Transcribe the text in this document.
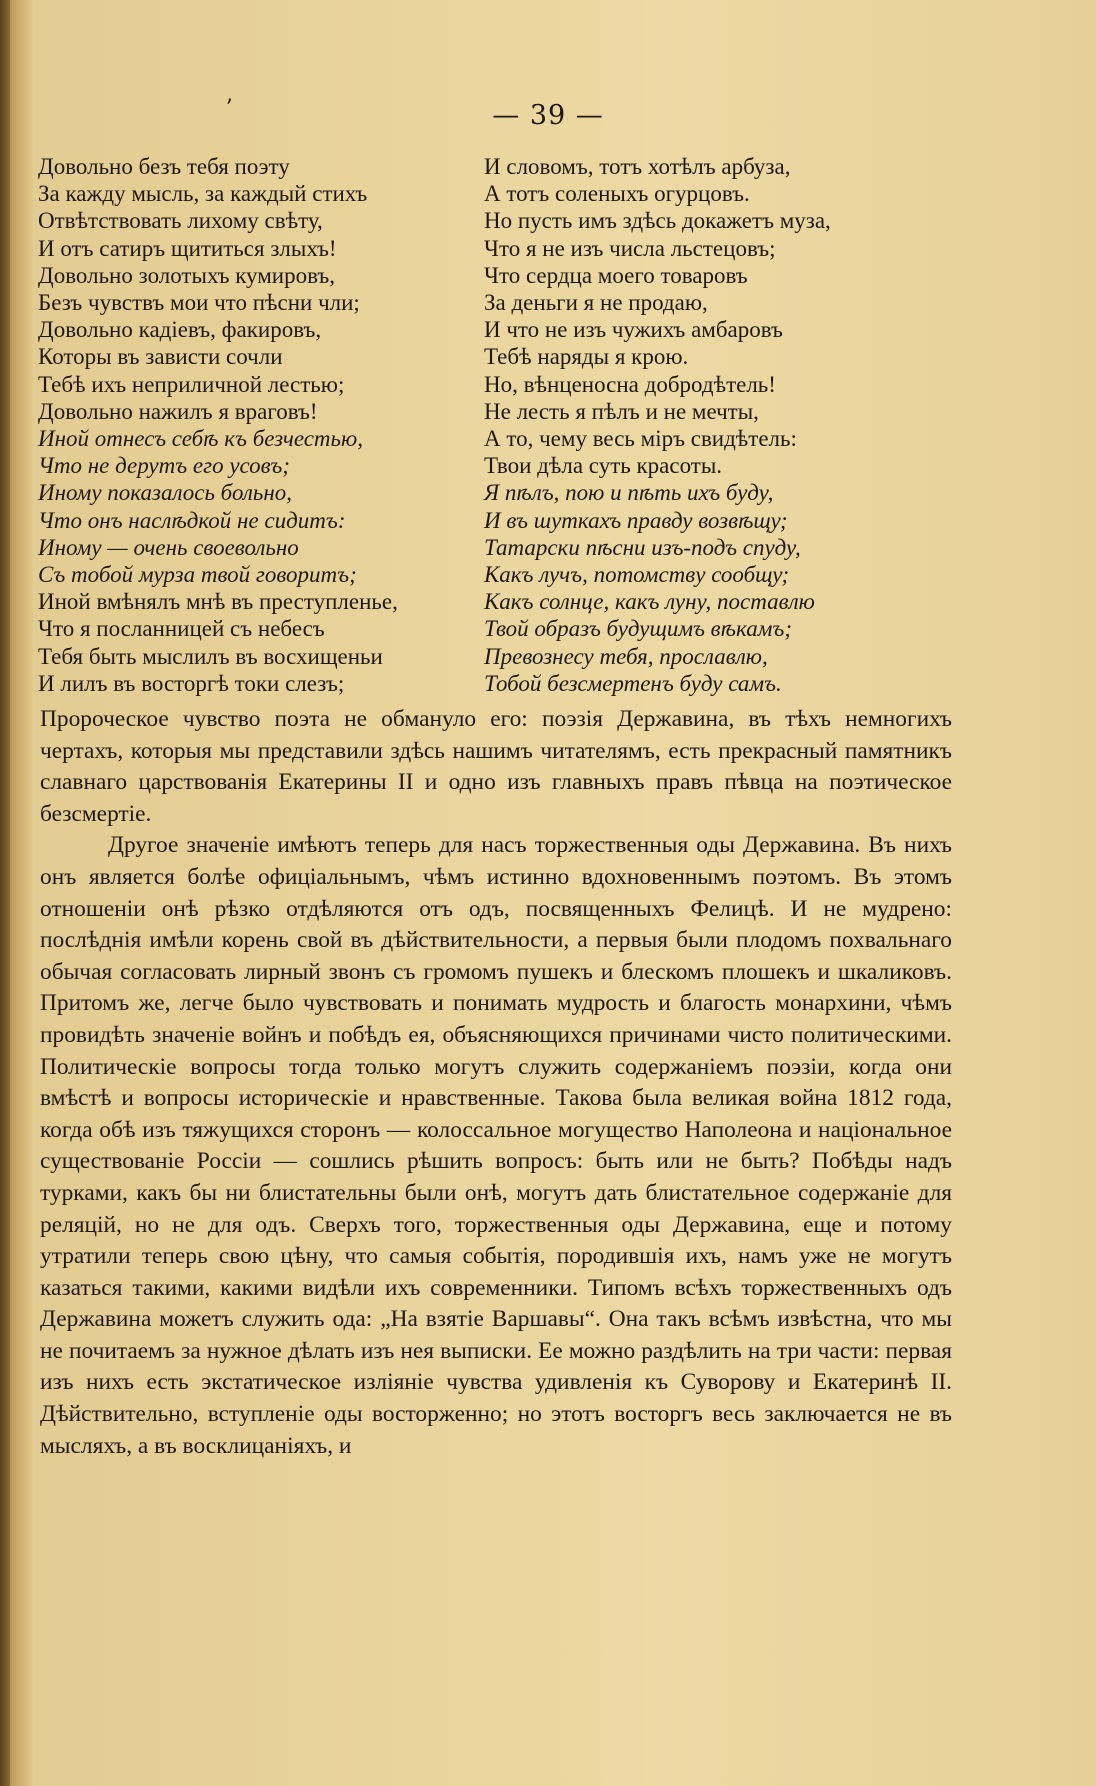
ʼ	— 39 —
Довольно безъ тебя поэту
За кажду мысль, за каждый стихъ
Отвѣтствовать лихому свѣту,
И отъ сатиръ щититься злыхъ!
Довольно золотыхъ кумировъ,
Безъ чувствъ мои что пѣсни чли;
Довольно кадіевъ, факировъ,
Которы въ зависти сочли
Тебѣ ихъ неприличной лестью;
Довольно нажилъ я враговъ!
Иной отнесъ себѣ къ безчестью,
Что не дерутъ его усовъ;
Иному показалось больно,
Что онъ наслѣдкой не сидитъ:
Иному — очень своевольно
Съ тобой мурза твой говоритъ;
Иной вмѣнялъ мнѣ въ преступленье,
Что я посланницей съ небесъ
Тебя быть мыслилъ въ восхищеньи
И лилъ въ восторгѣ токи слезъ;
И словомъ, тотъ хотѣлъ арбуза,
А тотъ соленыхъ огурцовъ.
Но пусть имъ здѣсь докажетъ муза,
Что я не изъ числа льстецовъ;
Что сердца моего товаровъ
За деньги я не продаю,
И что не изъ чужихъ амбаровъ
Тебѣ наряды я крою.
Но, вѣнценосна добродѣтель!
Не лесть я пѣлъ и не мечты,
А то, чему весь міръ свидѣтель:
Твои дѣла суть красоты.
Я пѣлъ, пою и пѣть ихъ буду,
И въ шуткахъ правду возвѣщу;
Татарски пѣсни изъ-подъ спуду,
Какъ лучъ, потомству сообщу;
Какъ солнце, какъ луну, поставлю
Твой образъ будущимъ вѣкамъ;
Превознесу тебя, прославлю,
Тобой безсмертенъ буду самъ.

Пророческое чувство поэта не обмануло его: поэзія Державина, въ тѣхъ немногихъ чертахъ, которыя мы представили здѣсь нашимъ читателямъ, есть прекрасный памятникъ славнаго царствованія Екатерины II и одно изъ главныхъ правъ пѣвца на поэтическое безсмертіе.

Другое значеніе имѣютъ теперь для насъ торжественныя оды Державина. Въ нихъ онъ является болѣе офиціальнымъ, чѣмъ истинно вдохновеннымъ поэтомъ. Въ этомъ отношеніи онѣ рѣзко отдѣляются отъ одъ, посвященныхъ Фелицѣ. И не мудрено: послѣднія имѣли корень свой въ дѣйствительности, а первыя были плодомъ похвальнаго обычая согласовать лирный звонъ съ громомъ пушекъ и блескомъ плошекъ и шкаликовъ. Притомъ же, легче было чувствовать и понимать мудрость и благость монархини, чѣмъ провидѣть значеніе войнъ и побѣдъ ея, объясняющихся причинами чисто политическими. Политическіе вопросы тогда только могутъ служить содержаніемъ поэзіи, когда они вмѣстѣ и вопросы историческіе и нравственные. Такова была великая война 1812 года, когда обѣ изъ тяжущихся сторонъ — колоссальное могущество Наполеона и національное существованіе Россіи — сошлись рѣшить вопросъ: быть или не быть? Побѣды надъ турками, какъ бы ни блистательны были онѣ, могутъ дать блистательное содержаніе для реляцій, но не для одъ. Сверхъ того, торжественныя оды Державина, еще и потому утратили теперь свою цѣну, что самыя событія, породившія ихъ, намъ уже не могутъ казаться такими, какими видѣли ихъ современники. Типомъ всѣхъ торжественныхъ одъ Державина можетъ служить ода: „На взятіе Варшавы“. Она такъ всѣмъ извѣстна, что мы не почитаемъ за нужное дѣлать изъ нея выписки. Ее можно раздѣлить на три части: первая изъ нихъ есть экстатическое изліяніе чувства удивленія къ Суворову и Екатеринѣ II. Дѣйствительно, вступленіе оды восторженно; но этотъ восторгъ весь заключается не въ мысляхъ, а въ восклицаніяхъ, и
